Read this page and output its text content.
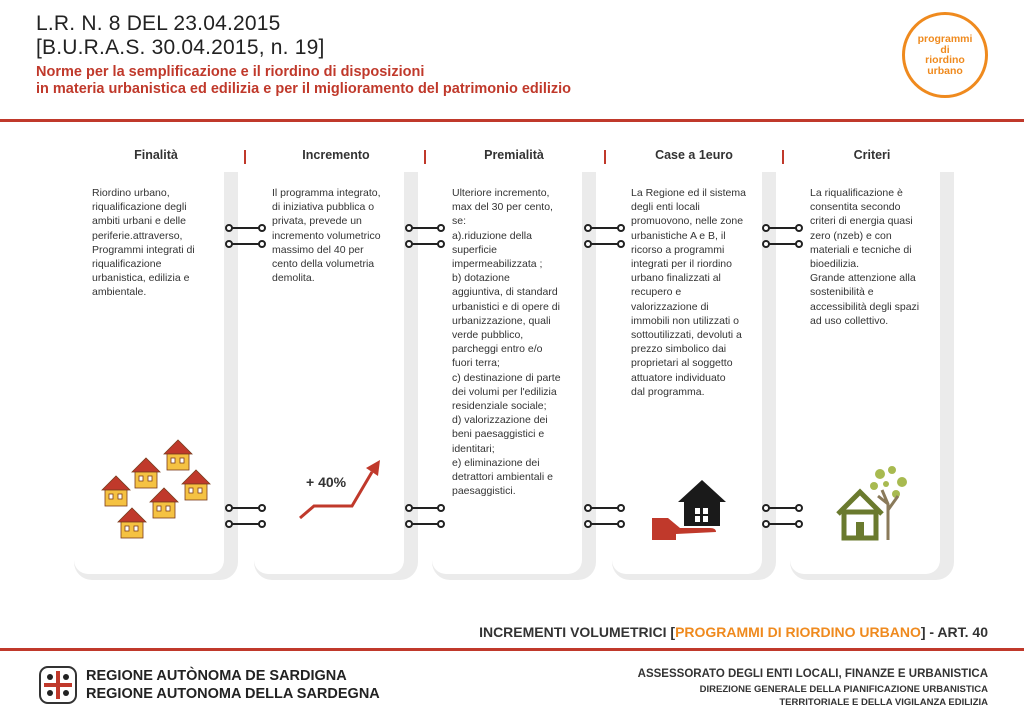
L.R. N. 8 DEL 23.04.2015
[B.U.R.A.S. 30.04.2015, n. 19]
Norme per la semplificazione e il riordino di disposizioni
in materia urbanistica ed edilizia e per il miglioramento del patrimonio edilizio
programmi
di
riordino
urbano
Finalità	Incremento	Premialità	Case a 1euro	Criteri
Riordino urbano,
riqualificazione degli
ambiti urbani e delle
periferie.attraverso,
Programmi integrati di
riqualificazione
urbanistica, edilizia e
ambientale.
Il programma integrato,
di iniziativa pubblica o
privata, prevede un
incremento volumetrico
massimo del 40 per
cento della volumetria
demolita.
Ulteriore incremento,
max del 30 per cento,
se:
a).riduzione della
superficie
impermeabilizzata ;
b) dotazione
aggiuntiva, di standard
urbanistici e di opere di
urbanizzazione, quali
verde pubblico,
parcheggi entro e/o
fuori terra;
c) destinazione di parte
dei volumi per l'edilizia
residenziale sociale;
d) valorizzazione dei
beni paesaggistici e
identitari;
e) eliminazione dei
detrattori ambientali e
paesaggistici.
La Regione ed il sistema
degli enti locali
promuovono, nelle zone
urbanistiche A e B, il
ricorso a programmi
integrati per il riordino
urbano finalizzati al
recupero e
valorizzazione di
immobili non utilizzati o
sottoutilizzati, devoluti a
prezzo simbolico dai
proprietari al soggetto
attuatore individuato
dal programma.
La riqualificazione è
consentita secondo
criteri di energia quasi
zero (nzeb) e con
materiali e tecniche di
bioedilizia.
Grande attenzione alla
sostenibilità e
accessibilità degli spazi
ad uso collettivo.
+ 40%
INCREMENTI VOLUMETRICI [PROGRAMMI DI RIORDINO URBANO] - ART. 40
REGIONE AUTÒNOMA DE SARDIGNA
REGIONE AUTONOMA DELLA SARDEGNA
ASSESSORATO DEGLI ENTI LOCALI, FINANZE E URBANISTICA
DIREZIONE GENERALE DELLA PIANIFICAZIONE URBANISTICA
TERRITORIALE E DELLA VIGILANZA EDILIZIA
